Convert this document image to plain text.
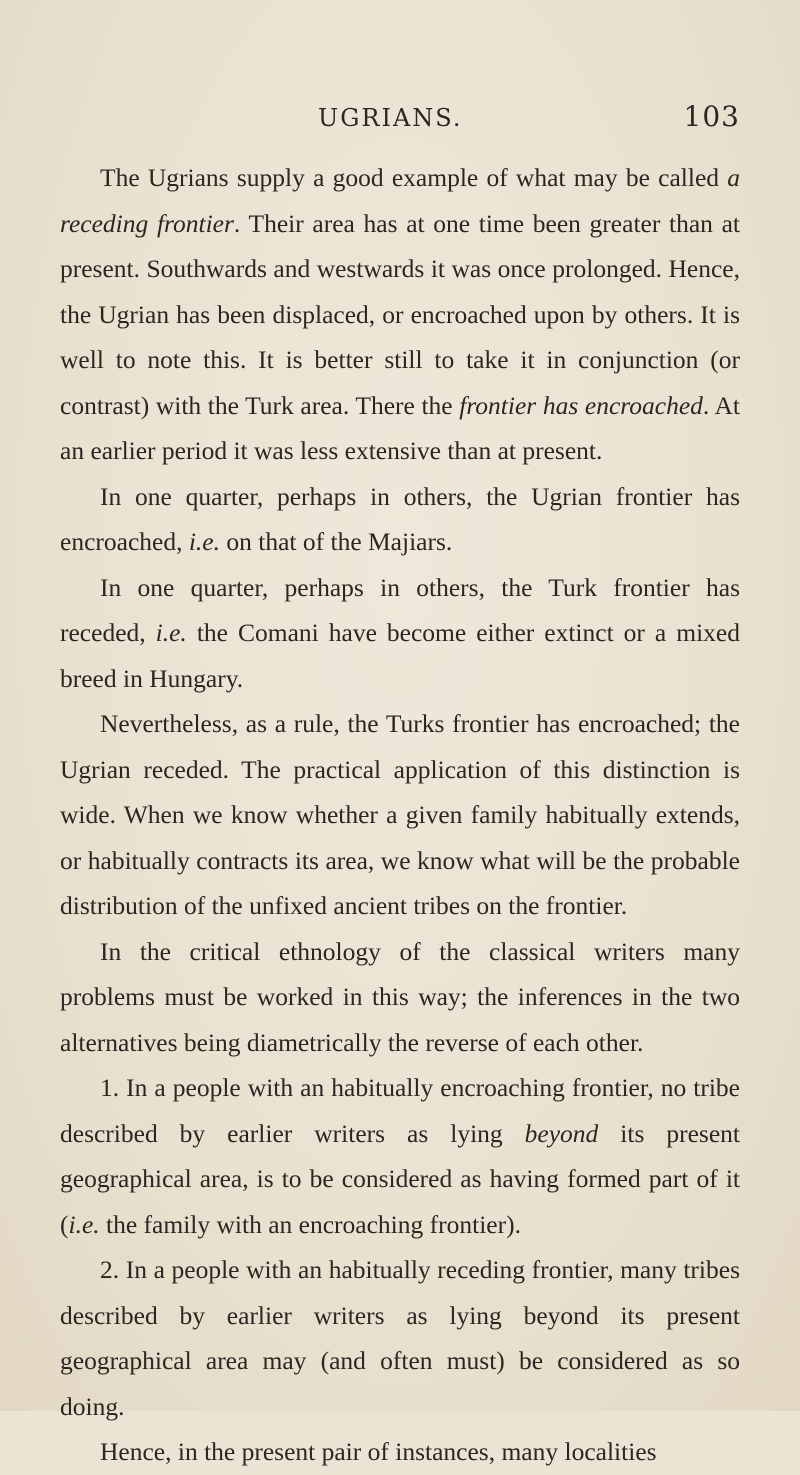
UGRIANS.	103

The Ugrians supply a good example of what may be called a receding frontier. Their area has at one time been greater than at present. Southwards and westwards it was once prolonged. Hence, the Ugrian has been displaced, or encroached upon by others. It is well to note this. It is better still to take it in conjunction (or contrast) with the Turk area. There the frontier has encroached. At an earlier period it was less extensive than at present.

In one quarter, perhaps in others, the Ugrian frontier has encroached, i.e. on that of the Majiars.

In one quarter, perhaps in others, the Turk frontier has receded, i.e. the Comani have become either extinct or a mixed breed in Hungary.

Nevertheless, as a rule, the Turks frontier has encroached; the Ugrian receded. The practical application of this distinction is wide. When we know whether a given family habitually extends, or habitually contracts its area, we know what will be the probable distribution of the unfixed ancient tribes on the frontier.

In the critical ethnology of the classical writers many problems must be worked in this way; the inferences in the two alternatives being diametrically the reverse of each other.

1. In a people with an habitually encroaching frontier, no tribe described by earlier writers as lying beyond its present geographical area, is to be considered as having formed part of it (i.e. the family with an encroaching frontier).

2. In a people with an habitually receding frontier, many tribes described by earlier writers as lying beyond its present geographical area may (and often must) be considered as so doing.

Hence, in the present pair of instances, many localities
